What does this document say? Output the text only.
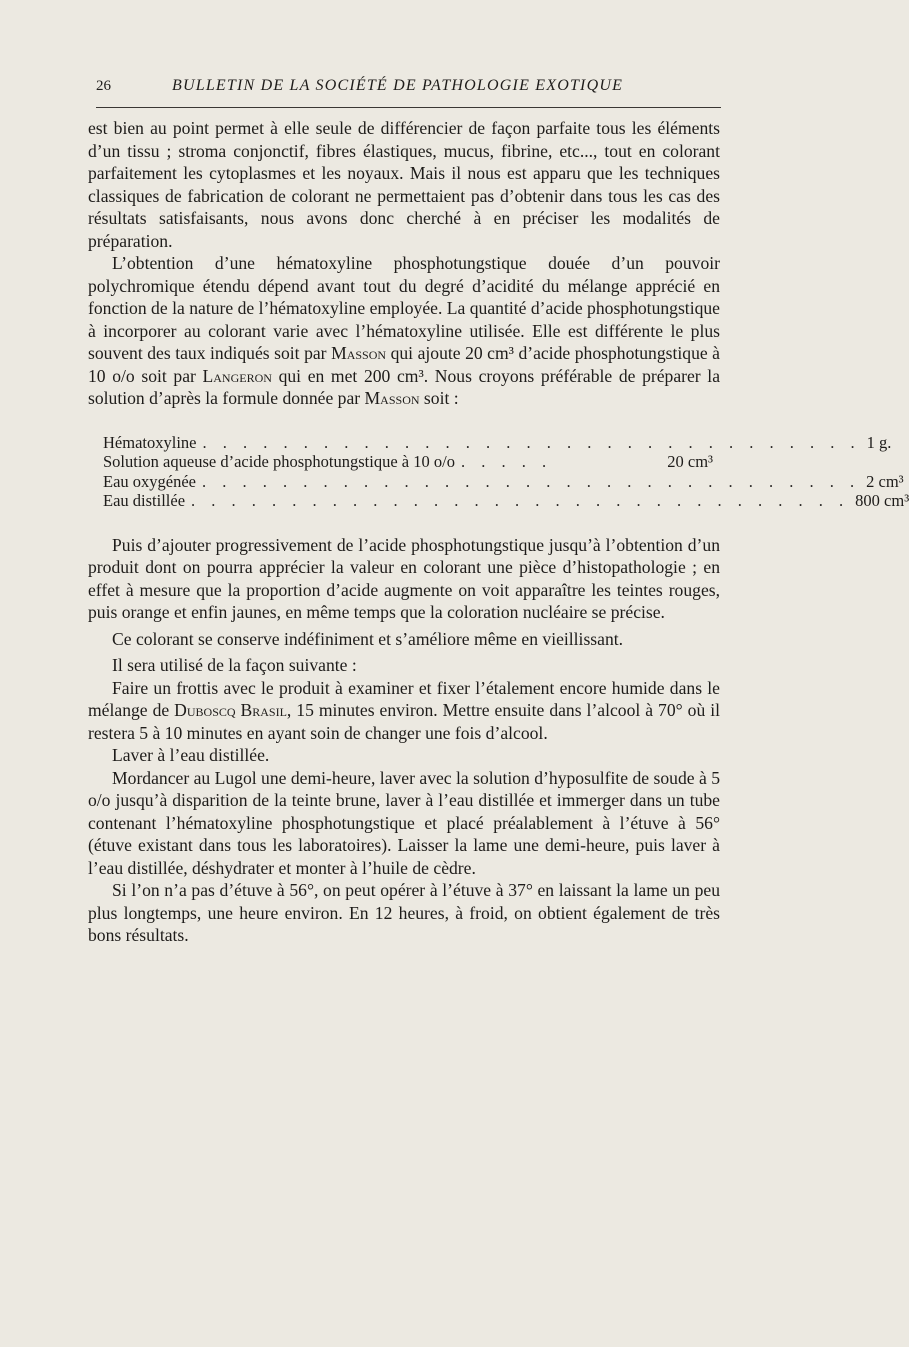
26	BULLETIN DE LA SOCIÉTÉ DE PATHOLOGIE EXOTIQUE

est bien au point permet à elle seule de différencier de façon parfaite tous les éléments d’un tissu ; stroma conjonctif, fibres élastiques, mucus, fibrine, etc..., tout en colorant parfaitement les cytoplasmes et les noyaux. Mais il nous est apparu que les techniques classiques de fabrication de colorant ne permettaient pas d’obtenir dans tous les cas des résultats satisfaisants, nous avons donc cherché à en préciser les modalités de préparation.

L’obtention d’une hématoxyline phosphotungstique douée d’un pouvoir polychromique étendu dépend avant tout du degré d’acidité du mélange apprécié en fonction de la nature de l’hématoxyline employée. La quantité d’acide phosphotungstique à incorporer au colorant varie avec l’hématoxyline utilisée. Elle est différente le plus souvent des taux indiqués soit par Masson qui ajoute 20 cm³ d’acide phosphotungstique à 10 o/o soit par Langeron qui en met 200 cm³. Nous croyons préférable de préparer la solution d’après la formule donnée par Masson soit :

Hématoxyline . . . . . . . . . . . . . . . . . . . . . . . . . . . . . . . . . 1 g.
Solution aqueuse d’acide phosphotungstique à 10 o/o . . . . .	20 cm³
Eau oxygénée . . . . . . . . . . . . . . . . . . . . . . . . . . . . . . . . . 2 cm³
Eau distillée . . . . . . . . . . . . . . . . . . . . . . . . . . . . . . . . . 800 cm³

Puis d’ajouter progressivement de l’acide phosphotungstique jusqu’à l’obtention d’un produit dont on pourra apprécier la valeur en colorant une pièce d’histopathologie ; en effet à mesure que la proportion d’acide augmente on voit apparaître les teintes rouges, puis orange et enfin jaunes, en même temps que la coloration nucléaire se précise.

Ce colorant se conserve indéfiniment et s’améliore même en vieillissant.

Il sera utilisé de la façon suivante :

Faire un frottis avec le produit à examiner et fixer l’étalement encore humide dans le mélange de Duboscq Brasil, 15 minutes environ. Mettre ensuite dans l’alcool à 70° où il restera 5 à 10 minutes en ayant soin de changer une fois d’alcool.

Laver à l’eau distillée.

Mordancer au Lugol une demi-heure, laver avec la solution d’hyposulfite de soude à 5 o/o jusqu’à disparition de la teinte brune, laver à l’eau distillée et immerger dans un tube contenant l’hématoxyline phosphotungstique et placé préalablement à l’étuve à 56° (étuve existant dans tous les laboratoires). Laisser la lame une demi-heure, puis laver à l’eau distillée, déshydrater et monter à l’huile de cèdre.

Si l’on n’a pas d’étuve à 56°, on peut opérer à l’étuve à 37° en laissant la lame un peu plus longtemps, une heure environ. En 12 heures, à froid, on obtient également de très bons résultats.
